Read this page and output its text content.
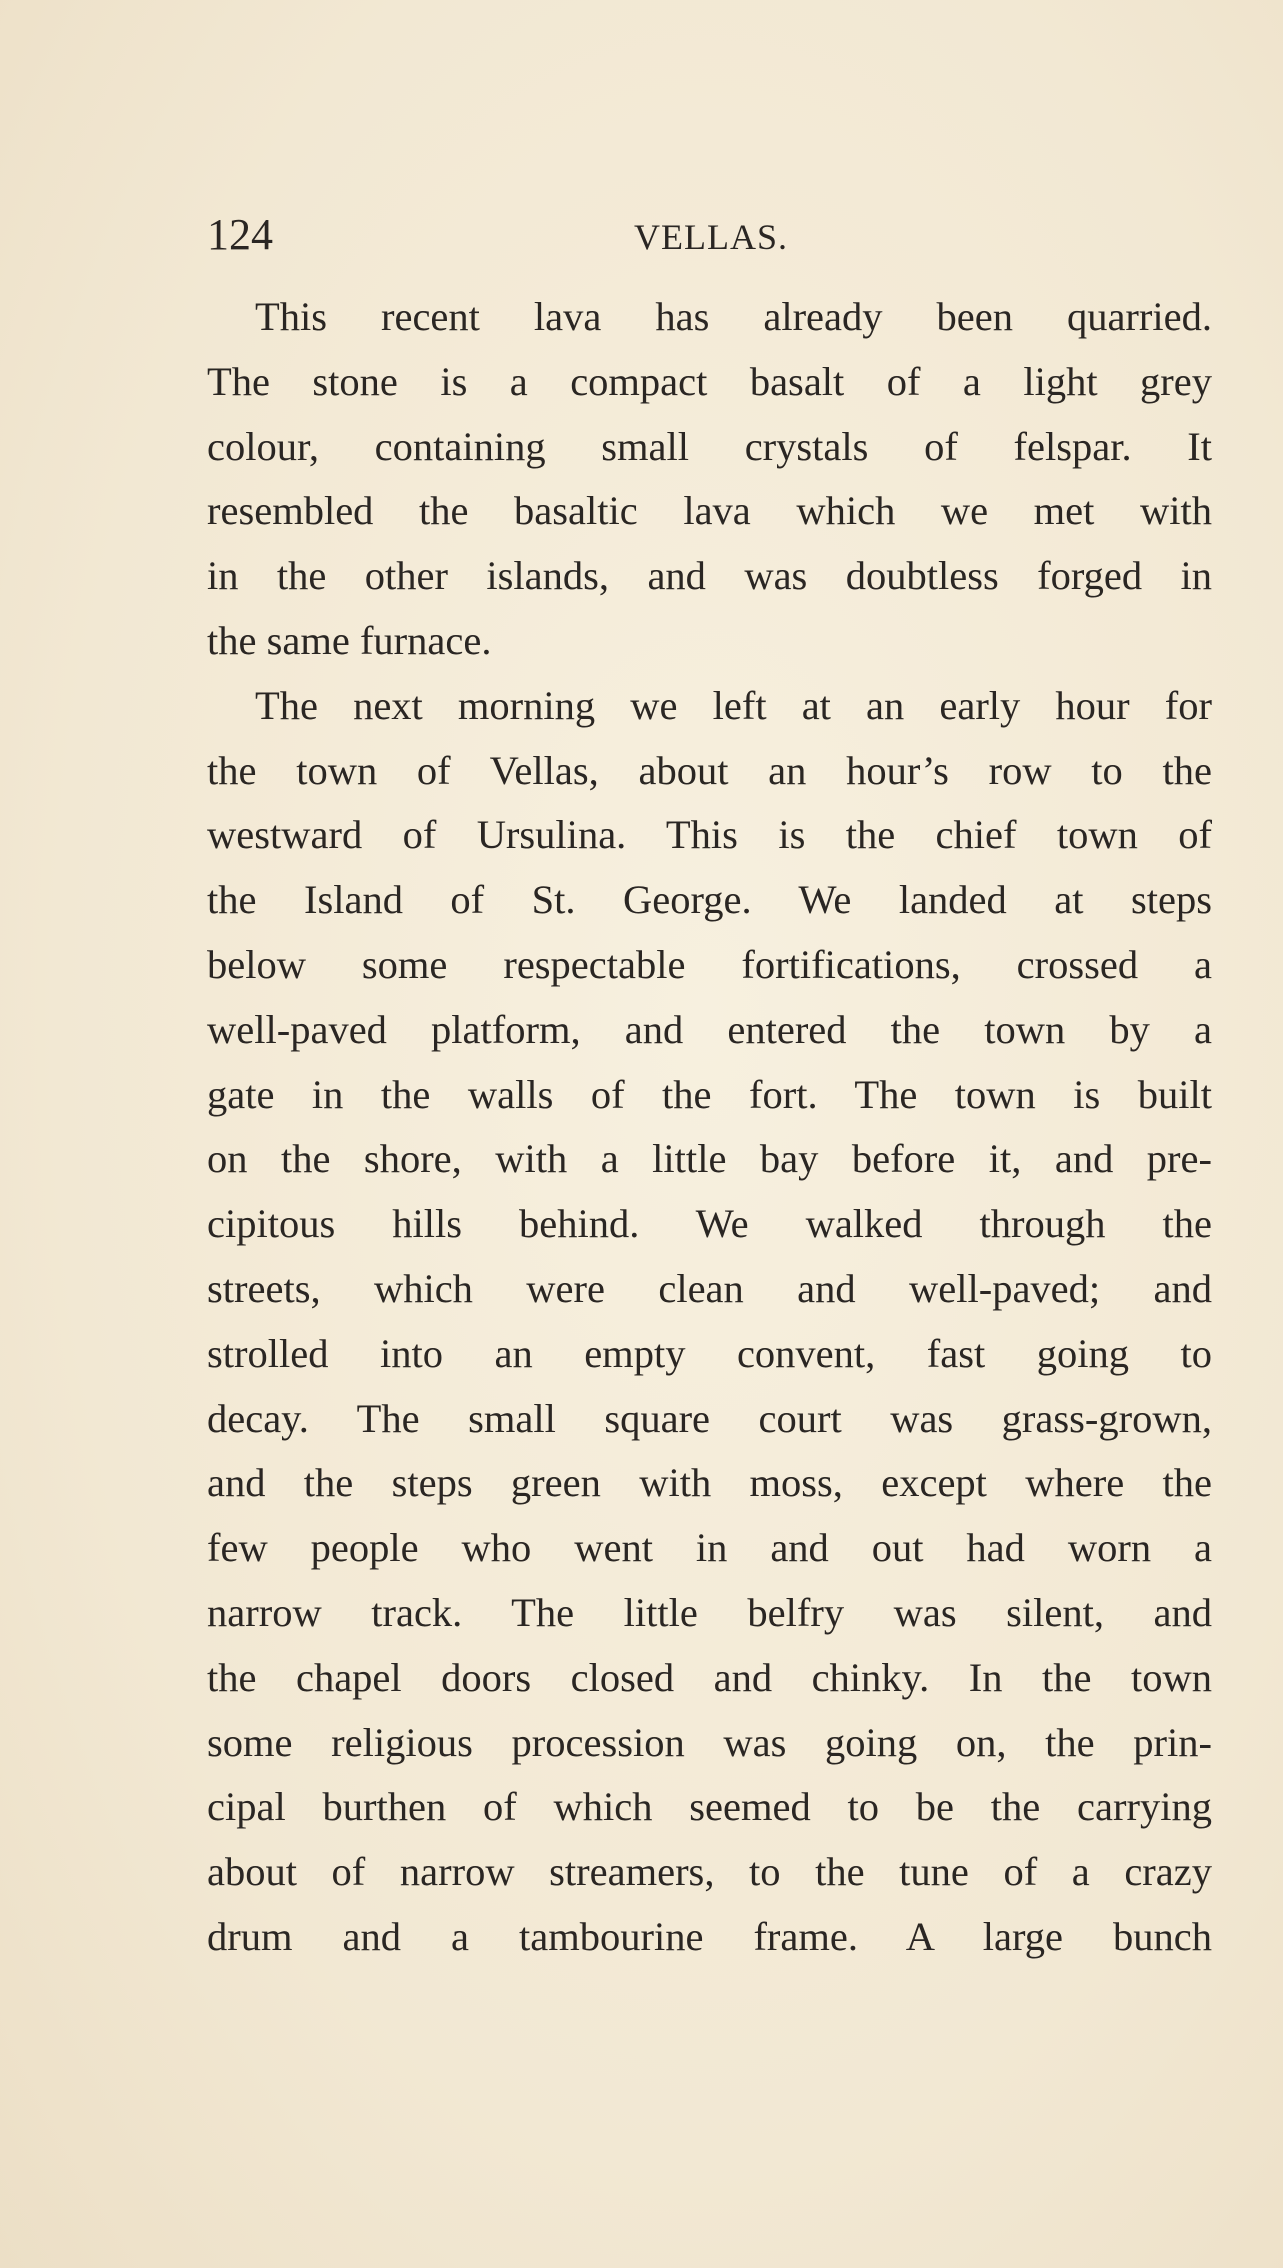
124	VELLAS.
This recent lava has already been quarried.
The stone is a compact basalt of a light grey
colour, containing small crystals of felspar. It
resembled the basaltic lava which we met with
in the other islands, and was doubtless forged in
the same furnace.
The next morning we left at an early hour for
the town of Vellas, about an hour’s row to the
westward of Ursulina. This is the chief town of
the Island of St. George. We landed at steps
below some respectable fortifications, crossed a
well-paved platform, and entered the town by a
gate in the walls of the fort. The town is built
on the shore, with a little bay before it, and pre-
cipitous hills behind. We walked through the
streets, which were clean and well-paved; and
strolled into an empty convent, fast going to
decay. The small square court was grass-grown,
and the steps green with moss, except where the
few people who went in and out had worn a
narrow track. The little belfry was silent, and
the chapel doors closed and chinky. In the town
some religious procession was going on, the prin-
cipal burthen of which seemed to be the carrying
about of narrow streamers, to the tune of a crazy
drum and a tambourine frame. A large bunch
